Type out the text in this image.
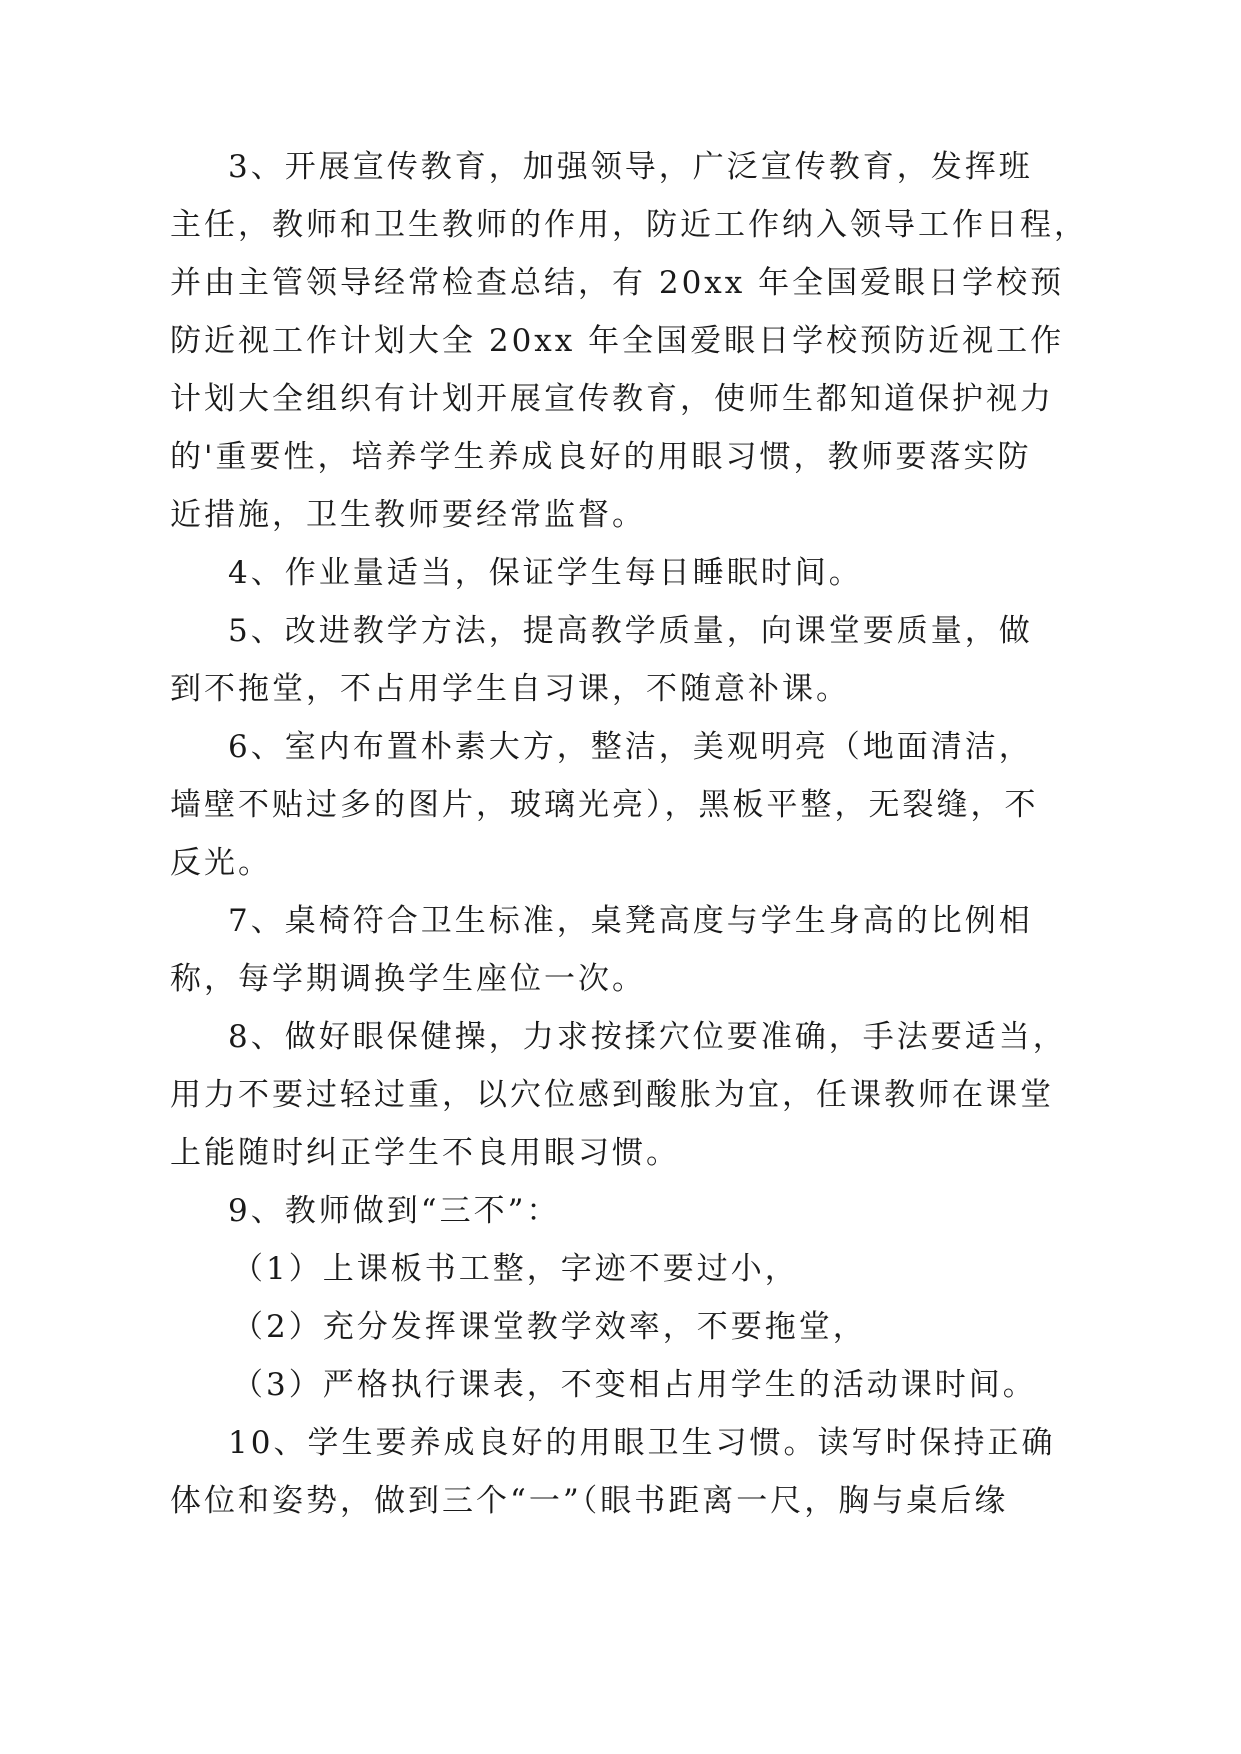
3、开展宣传教育，加强领导，广泛宣传教育，发挥班

主任，教师和卫生教师的作用，防近工作纳入领导工作日程，

并由主管领导经常检查总结，有 20xx 年全国爱眼日学校预

防近视工作计划大全 20xx 年全国爱眼日学校预防近视工作

计划大全组织有计划开展宣传教育，使师生都知道保护视力

的'重要性，培养学生养成良好的用眼习惯，教师要落实防

近措施，卫生教师要经常监督。

4、作业量适当，保证学生每日睡眠时间。

5、改进教学方法，提高教学质量，向课堂要质量，做

到不拖堂，不占用学生自习课，不随意补课。

6、室内布置朴素大方，整洁，美观明亮（地面清洁，

墙壁不贴过多的图片，玻璃光亮），黑板平整，无裂缝，不

反光。

7、桌椅符合卫生标准，桌凳高度与学生身高的比例相

称，每学期调换学生座位一次。

8、做好眼保健操，力求按揉穴位要准确，手法要适当，

用力不要过轻过重，以穴位感到酸胀为宜，任课教师在课堂

上能随时纠正学生不良用眼习惯。

9、教师做到“三不”：

（1）上课板书工整，字迹不要过小，

（2）充分发挥课堂教学效率，不要拖堂，

（3）严格执行课表，不变相占用学生的活动课时间。

10、学生要养成良好的用眼卫生习惯。读写时保持正确

体位和姿势，做到三个“一”（眼书距离一尺，胸与桌后缘
